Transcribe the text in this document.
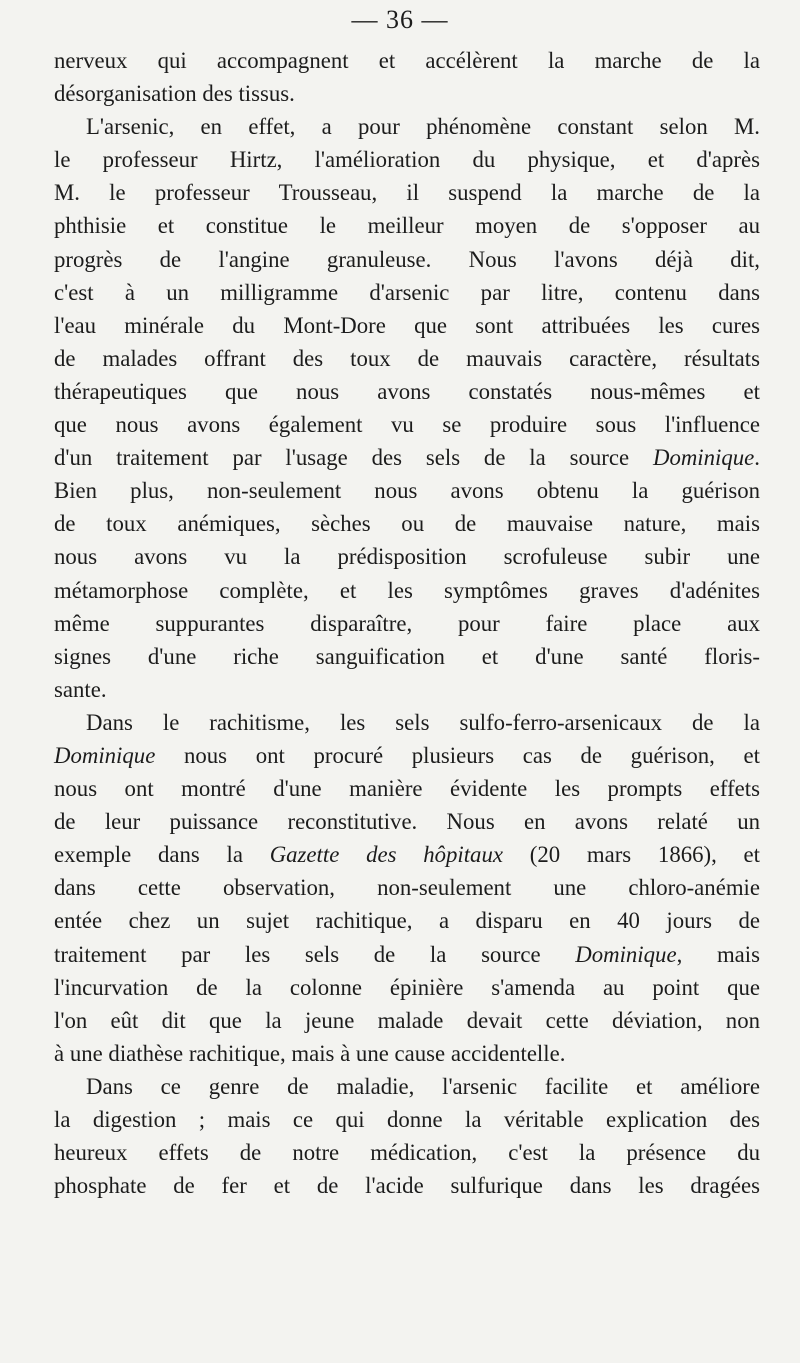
— 36 —
nerveux qui accompagnent et accélèrent la marche de la
désorganisation des tissus.
L'arsenic, en effet, a pour phénomène constant selon M.
le professeur Hirtz, l'amélioration du physique, et d'après
M. le professeur Trousseau, il suspend la marche de la
phthisie et constitue le meilleur moyen de s'opposer au
progrès de l'angine granuleuse. Nous l'avons déjà dit,
c'est à un milligramme d'arsenic par litre, contenu dans
l'eau minérale du Mont-Dore que sont attribuées les cures
de malades offrant des toux de mauvais caractère, résultats
thérapeutiques que nous avons constatés nous-mêmes et
que nous avons également vu se produire sous l'influence
d'un traitement par l'usage des sels de la source Dominique.
Bien plus, non-seulement nous avons obtenu la guérison
de toux anémiques, sèches ou de mauvaise nature, mais
nous avons vu la prédisposition scrofuleuse subir une
métamorphose complète, et les symptômes graves d'adénites
même suppurantes disparaître, pour faire place aux
signes d'une riche sanguification et d'une santé floris-
sante.
Dans le rachitisme, les sels sulfo-ferro-arsenicaux de la
Dominique nous ont procuré plusieurs cas de guérison, et
nous ont montré d'une manière évidente les prompts effets
de leur puissance reconstitutive. Nous en avons relaté un
exemple dans la Gazette des hôpitaux (20 mars 1866), et
dans cette observation, non-seulement une chloro-anémie
entée chez un sujet rachitique, a disparu en 40 jours de
traitement par les sels de la source Dominique, mais
l'incurvation de la colonne épinière s'amenda au point que
l'on eût dit que la jeune malade devait cette déviation, non
à une diathèse rachitique, mais à une cause accidentelle.
Dans ce genre de maladie, l'arsenic facilite et améliore
la digestion ; mais ce qui donne la véritable explication des
heureux effets de notre médication, c'est la présence du
phosphate de fer et de l'acide sulfurique dans les dragées
